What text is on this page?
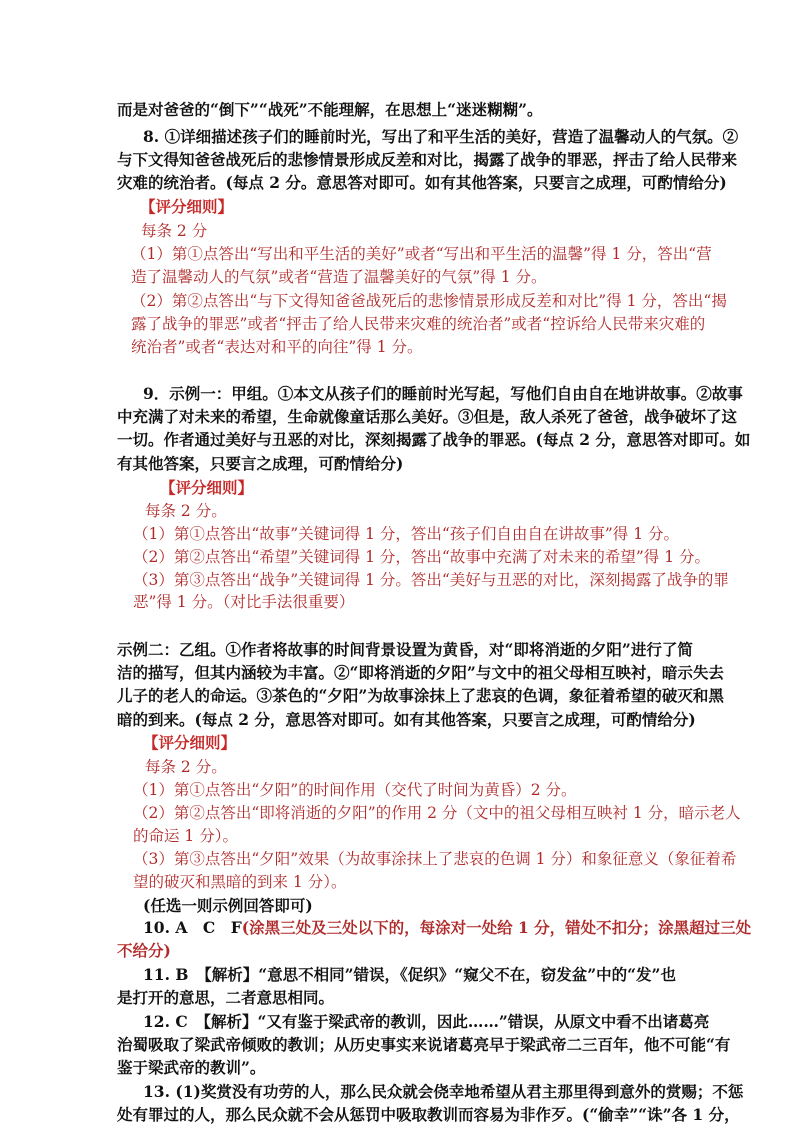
而是对爸爸的“倒下”“战死”不能理解，在思想上“迷迷糊糊”。
8. ①详细描述孩子们的睡前时光，写出了和平生活的美好，营造了温馨动人的气氛。②
与下文得知爸爸战死后的悲惨情景形成反差和对比，揭露了战争的罪恶，抨击了给人民带来
灾难的统治者。(每点 2 分。意思答对即可。如有其他答案，只要言之成理，可酌情给分)
【评分细则】
每条 2 分
（1）第①点答出“写出和平生活的美好”或者“写出和平生活的温馨”得 1 分，答出“营
造了温馨动人的气氛”或者“营造了温馨美好的气氛”得 1 分。
（2）第②点答出“与下文得知爸爸战死后的悲惨情景形成反差和对比”得 1 分，答出“揭
露了战争的罪恶”或者“抨击了给人民带来灾难的统治者”或者“控诉给人民带来灾难的
统治者”或者“表达对和平的向往”得 1 分。
9．示例一：甲组。①本文从孩子们的睡前时光写起，写他们自由自在地讲故事。②故事
中充满了对未来的希望，生命就像童话那么美好。③但是，敌人杀死了爸爸，战争破坏了这
一切。作者通过美好与丑恶的对比，深刻揭露了战争的罪恶。(每点 2 分，意思答对即可。如
有其他答案，只要言之成理，可酌情给分)
【评分细则】
每条 2 分。
（1）第①点答出“故事”关键词得 1 分，答出“孩子们自由自在讲故事”得 1 分。
（2）第②点答出“希望”关键词得 1 分，答出“故事中充满了对未来的希望”得 1 分。
（3）第③点答出“战争”关键词得 1 分。答出“美好与丑恶的对比，深刻揭露了战争的罪
恶”得 1 分。（对比手法很重要）
示例二：乙组。①作者将故事的时间背景设置为黄昏，对“即将消逝的夕阳”进行了简
洁的描写，但其内涵较为丰富。②“即将消逝的夕阳”与文中的祖父母相互映衬，暗示失去
儿子的老人的命运。③茶色的“夕阳”为故事涂抹上了悲哀的色调，象征着希望的破灭和黑
暗的到来。(每点 2 分，意思答对即可。如有其他答案，只要言之成理，可酌情给分)
【评分细则】
每条 2 分。
（1）第①点答出“夕阳”的时间作用（交代了时间为黄昏）2 分。
（2）第②点答出“即将消逝的夕阳”的作用 2 分（文中的祖父母相互映衬 1 分，暗示老人
的命运 1 分）。
（3）第③点答出“夕阳”效果（为故事涂抹上了悲哀的色调 1 分）和象征意义（象征着希
望的破灭和黑暗的到来 1 分）。
(任选一则示例回答即可)
10. A　C　F(涂黑三处及三处以下的，每涂对一处给 1 分，错处不扣分；涂黑超过三处
不给分)
11. B　【解析】“意思不相同”错误，《促织》“窥父不在，窃发盆”中的“发”也
是打开的意思，二者意思相同。
12. C　【解析】“又有鉴于梁武帝的教训，因此……”错误，从原文中看不出诸葛亮
治蜀吸取了梁武帝倾败的教训；从历史事实来说诸葛亮早于梁武帝二三百年，他不可能“有
鉴于梁武帝的教训”。
13. (1)奖赏没有功劳的人，那么民众就会侥幸地希望从君主那里得到意外的赏赐；不惩
处有罪过的人，那么民众就不会从惩罚中吸取教训而容易为非作歹。(“偷幸”“诛”各 1 分，
